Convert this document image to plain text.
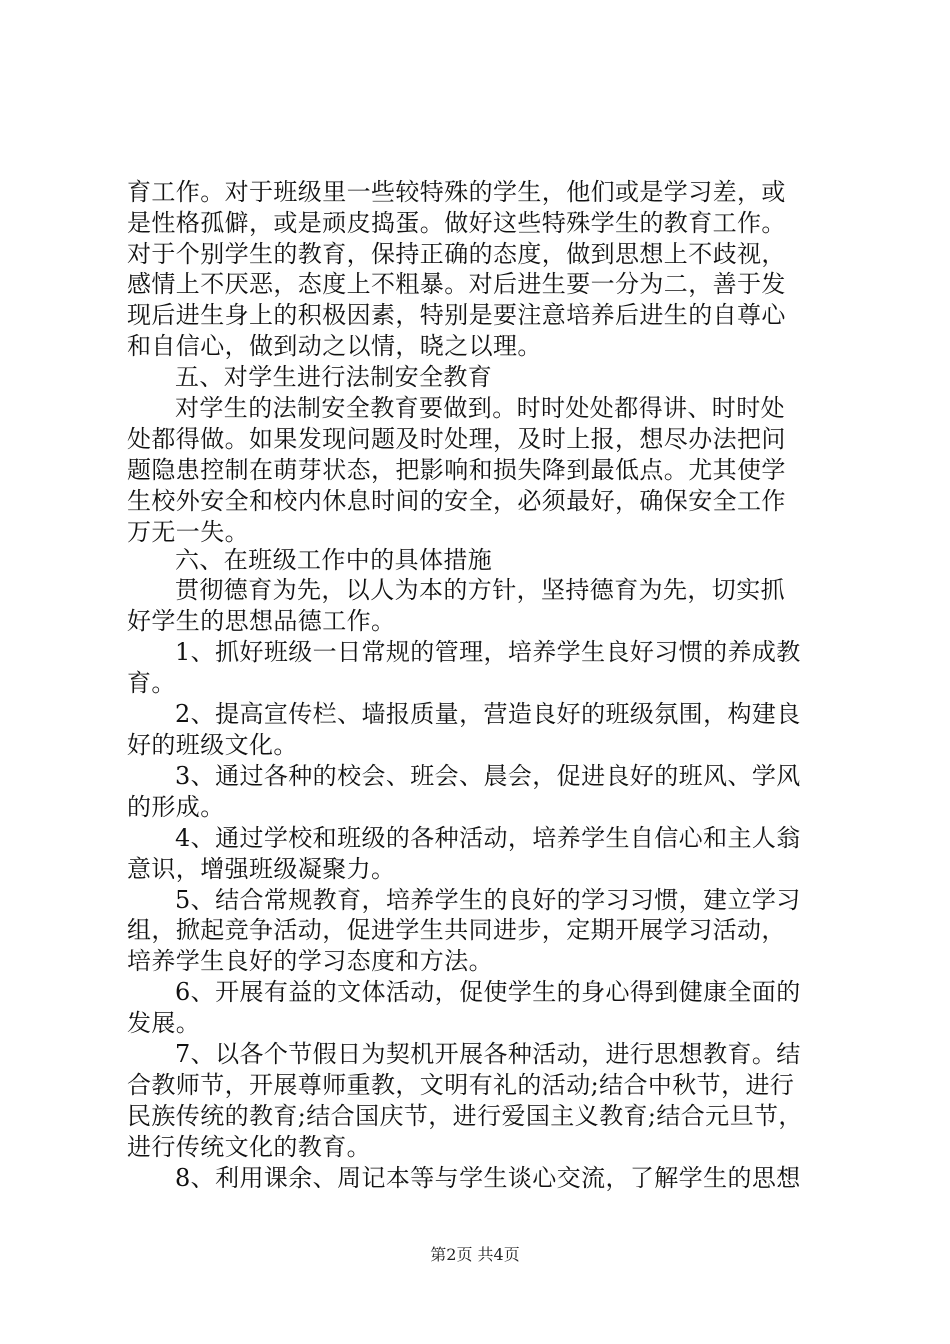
育工作。对于班级里一些较特殊的学生，他们或是学习差，或
是性格孤僻，或是顽皮捣蛋。做好这些特殊学生的教育工作。
对于个别学生的教育，保持正确的态度，做到思想上不歧视，
感情上不厌恶，态度上不粗暴。对后进生要一分为二，善于发
现后进生身上的积极因素，特别是要注意培养后进生的自尊心
和自信心，做到动之以情，晓之以理。
五、对学生进行法制安全教育
对学生的法制安全教育要做到。时时处处都得讲、时时处
处都得做。如果发现问题及时处理，及时上报，想尽办法把问
题隐患控制在萌芽状态，把影响和损失降到最低点。尤其使学
生校外安全和校内休息时间的安全，必须最好，确保安全工作
万无一失。
六、在班级工作中的具体措施
贯彻德育为先，以人为本的方针，坚持德育为先，切实抓
好学生的思想品德工作。
1、抓好班级一日常规的管理，培养学生良好习惯的养成教
育。
2、提高宣传栏、墙报质量，营造良好的班级氛围，构建良
好的班级文化。
3、通过各种的校会、班会、晨会，促进良好的班风、学风
的形成。
4、通过学校和班级的各种活动，培养学生自信心和主人翁
意识，增强班级凝聚力。
5、结合常规教育，培养学生的良好的学习习惯，建立学习
组，掀起竞争活动，促进学生共同进步，定期开展学习活动，
培养学生良好的学习态度和方法。
6、开展有益的文体活动，促使学生的身心得到健康全面的
发展。
7、以各个节假日为契机开展各种活动，进行思想教育。结
合教师节，开展尊师重教，文明有礼的活动;结合中秋节，进行
民族传统的教育;结合国庆节，进行爱国主义教育;结合元旦节，
进行传统文化的教育。
8、利用课余、周记本等与学生谈心交流，了解学生的思想
第2页 共4页
